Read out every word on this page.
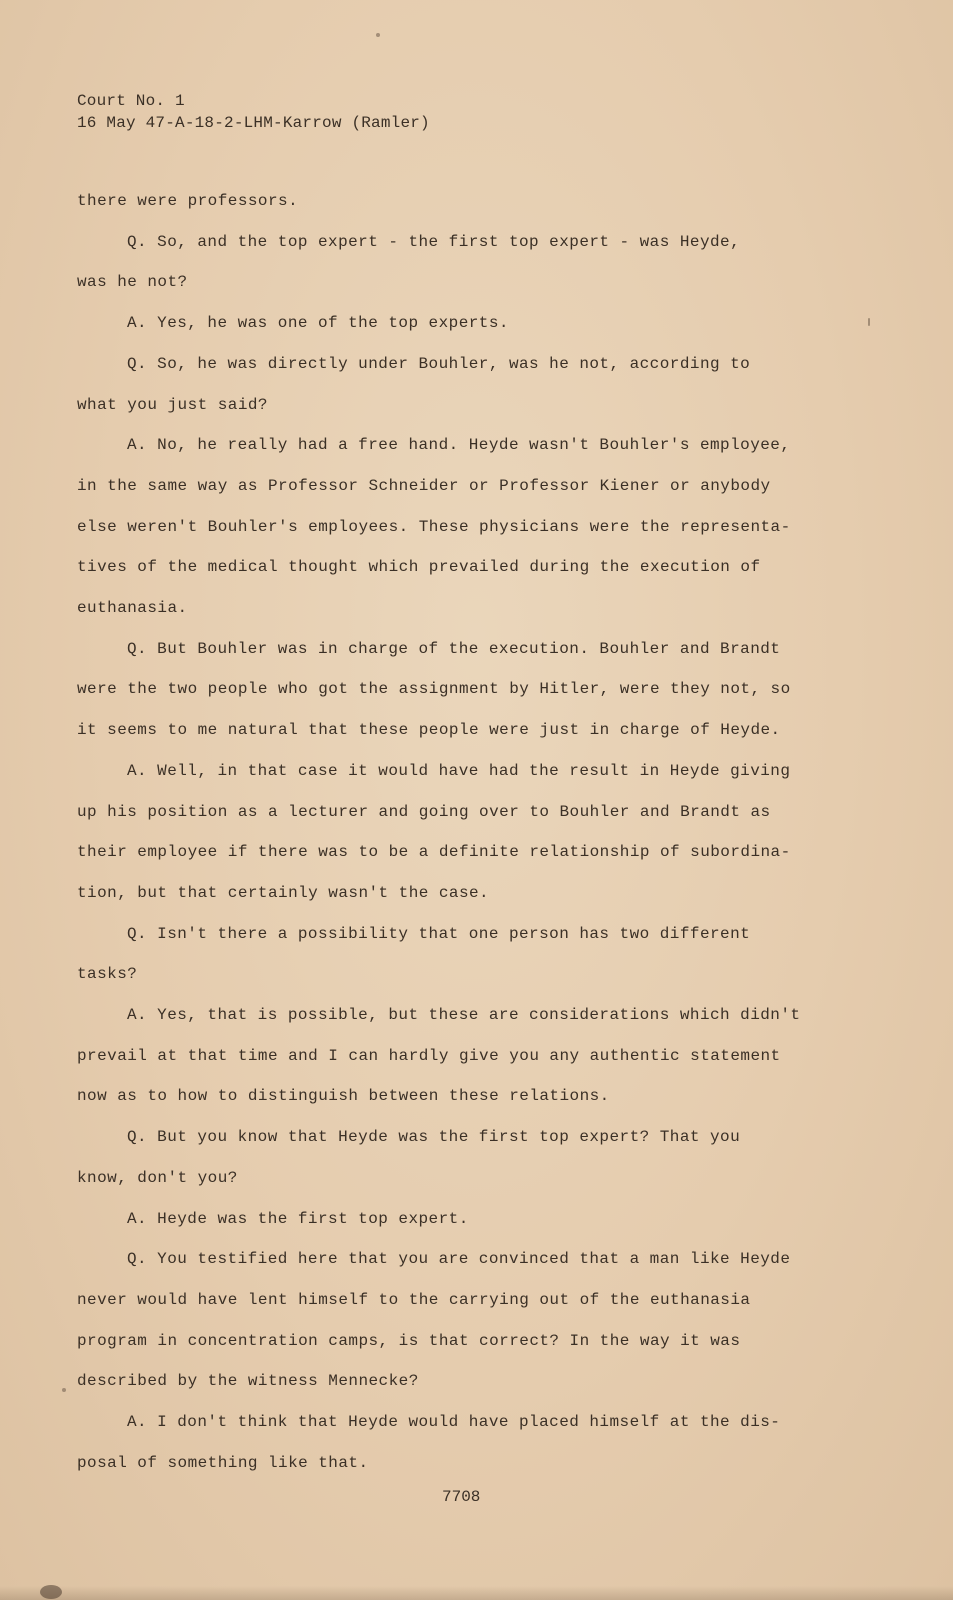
Court No. 1
16 May 47-A-18-2-LHM-Karrow (Ramler)
there were professors.
Q. So, and the top expert - the first top expert - was Heyde,
was he not?
A. Yes, he was one of the top experts.
Q. So, he was directly under Bouhler, was he not, according to
what you just said?
A. No, he really had a free hand. Heyde wasn't Bouhler's employee,
in the same way as Professor Schneider or Professor Kiener or anybody
else weren't Bouhler's employees. These physicians were the representa-
tives of the medical thought which prevailed during the execution of
euthanasia.
Q. But Bouhler was in charge of the execution. Bouhler and Brandt
were the two people who got the assignment by Hitler, were they not, so
it seems to me natural that these people were just in charge of Heyde.
A. Well, in that case it would have had the result in Heyde giving
up his position as a lecturer and going over to Bouhler and Brandt as
their employee if there was to be a definite relationship of subordina-
tion, but that certainly wasn't the case.
Q. Isn't there a possibility that one person has two different
tasks?
A. Yes, that is possible, but these are considerations which didn't
prevail at that time and I can hardly give you any authentic statement
now as to how to distinguish between these relations.
Q. But you know that Heyde was the first top expert? That you
know, don't you?
A. Heyde was the first top expert.
Q. You testified here that you are convinced that a man like Heyde
never would have lent himself to the carrying out of the euthanasia
program in concentration camps, is that correct? In the way it was
described by the witness Mennecke?
A. I don't think that Heyde would have placed himself at the dis-
posal of something like that.
7708
